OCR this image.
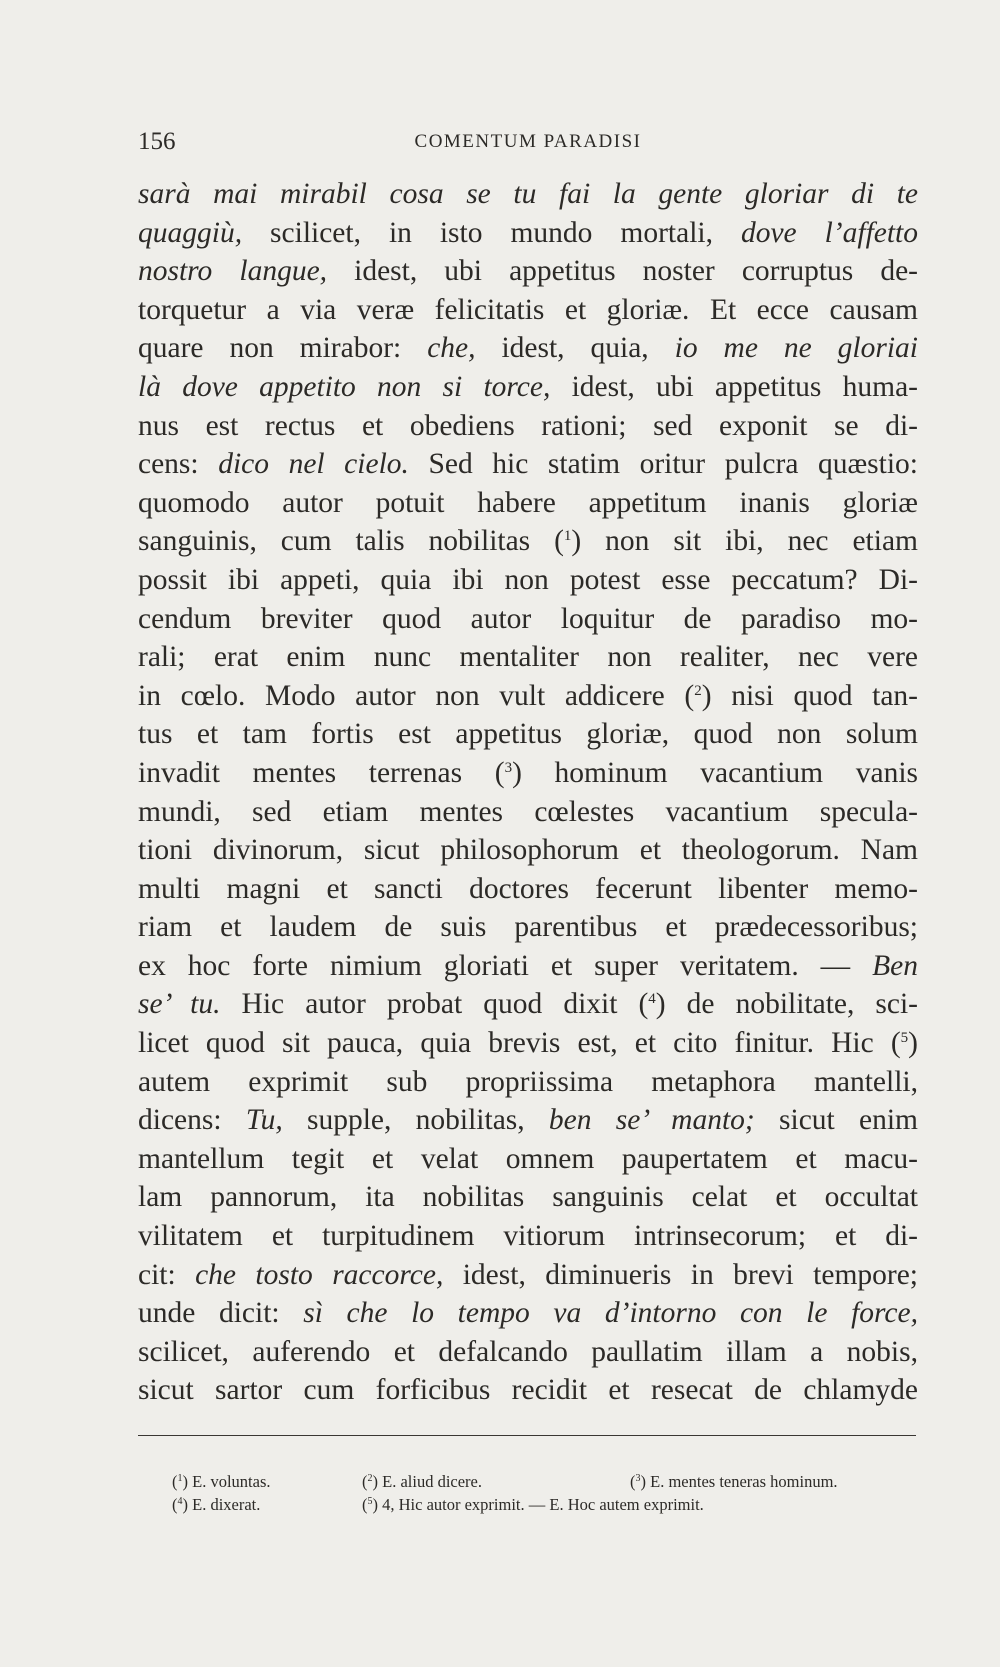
156	COMENTUM PARADISI
sarà mai mirabil cosa se tu fai la gente gloriar di te
quaggiù, scilicet, in isto mundo mortali, dove l’affetto
nostro langue, idest, ubi appetitus noster corruptus de-
torquetur a via veræ felicitatis et gloriæ. Et ecce causam
quare non mirabor: che, idest, quia, io me ne gloriai
là dove appetito non si torce, idest, ubi appetitus huma-
nus est rectus et obediens rationi; sed exponit se di-
cens: dico nel cielo. Sed hic statim oritur pulcra quæstio:
quomodo autor potuit habere appetitum inanis gloriæ
sanguinis, cum talis nobilitas ($^1$) non sit ibi, nec etiam
possit ibi appeti, quia ibi non potest esse peccatum? Di-
cendum breviter quod autor loquitur de paradiso mo-
rali; erat enim nunc mentaliter non realiter, nec vere
in cœlo. Modo autor non vult addicere ($^2$) nisi quod tan-
tus et tam fortis est appetitus gloriæ, quod non solum
invadit mentes terrenas ($^3$) hominum vacantium vanis
mundi, sed etiam mentes cœlestes vacantium specula-
tioni divinorum, sicut philosophorum et theologorum. Nam
multi magni et sancti doctores fecerunt libenter memo-
riam et laudem de suis parentibus et prædecessoribus;
ex hoc forte nimium gloriati et super veritatem. — Ben
se’ tu. Hic autor probat quod dixit ($^4$) de nobilitate, sci-
licet quod sit pauca, quia brevis est, et cito finitur. Hic ($^5$)
autem exprimit sub propriissima metaphora mantelli,
dicens: Tu, supple, nobilitas, ben se’ manto; sicut enim
mantellum tegit et velat omnem paupertatem et macu-
lam pannorum, ita nobilitas sanguinis celat et occultat
vilitatem et turpitudinem vitiorum intrinsecorum; et di-
cit: che tosto raccorce, idest, diminueris in brevi tempore;
unde dicit: sì che lo tempo va d’intorno con le force,
scilicet, auferendo et defalcando paullatim illam a nobis,
sicut sartor cum forficibus recidit et resecat de chlamyde
($^1$) E. voluntas.	($^2$) E. aliud dicere.	($^3$) E. mentes teneras hominum.
($^4$) E. dixerat.	($^5$) 4, Hic autor exprimit. — E. Hoc autem exprimit.
